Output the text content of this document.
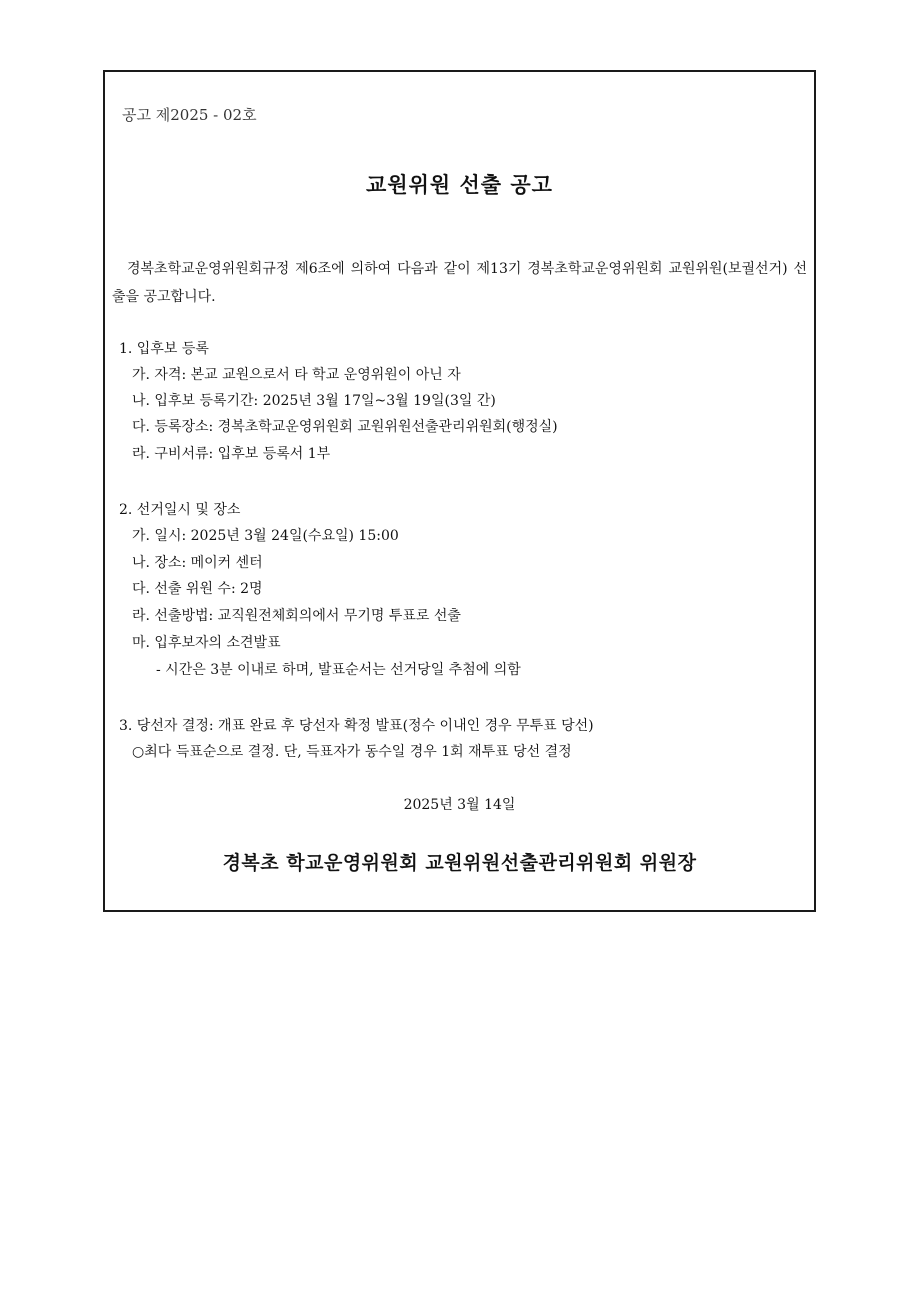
공고 제2025 - 02호
교원위원 선출 공고
경복초학교운영위원회규정 제6조에 의하여 다음과 같이 제13기 경복초학교운영위원회 교원위원(보궐선거) 선출을 공고합니다.
1. 입후보 등록
가. 자격: 본교 교원으로서 타 학교 운영위원이 아닌 자
나. 입후보 등록기간: 2025년 3월 17일~3월 19일(3일 간)
다. 등록장소: 경복초학교운영위원회 교원위원선출관리위원회(행정실)
라. 구비서류: 입후보 등록서 1부
2. 선거일시 및 장소
가. 일시: 2025년 3월 24일(수요일) 15:00
나. 장소: 메이커 센터
다. 선출 위원 수: 2명
라. 선출방법: 교직원전체회의에서 무기명 투표로 선출
마. 입후보자의 소견발표
- 시간은 3분 이내로 하며, 발표순서는 선거당일 추첨에 의함
3. 당선자 결정: 개표 완료 후 당선자 확정 발표(정수 이내인 경우 무투표 당선)
○최다 득표순으로 결정. 단, 득표자가 동수일 경우 1회 재투표 당선 결정
2025년 3월 14일
경복초 학교운영위원회 교원위원선출관리위원회 위원장
